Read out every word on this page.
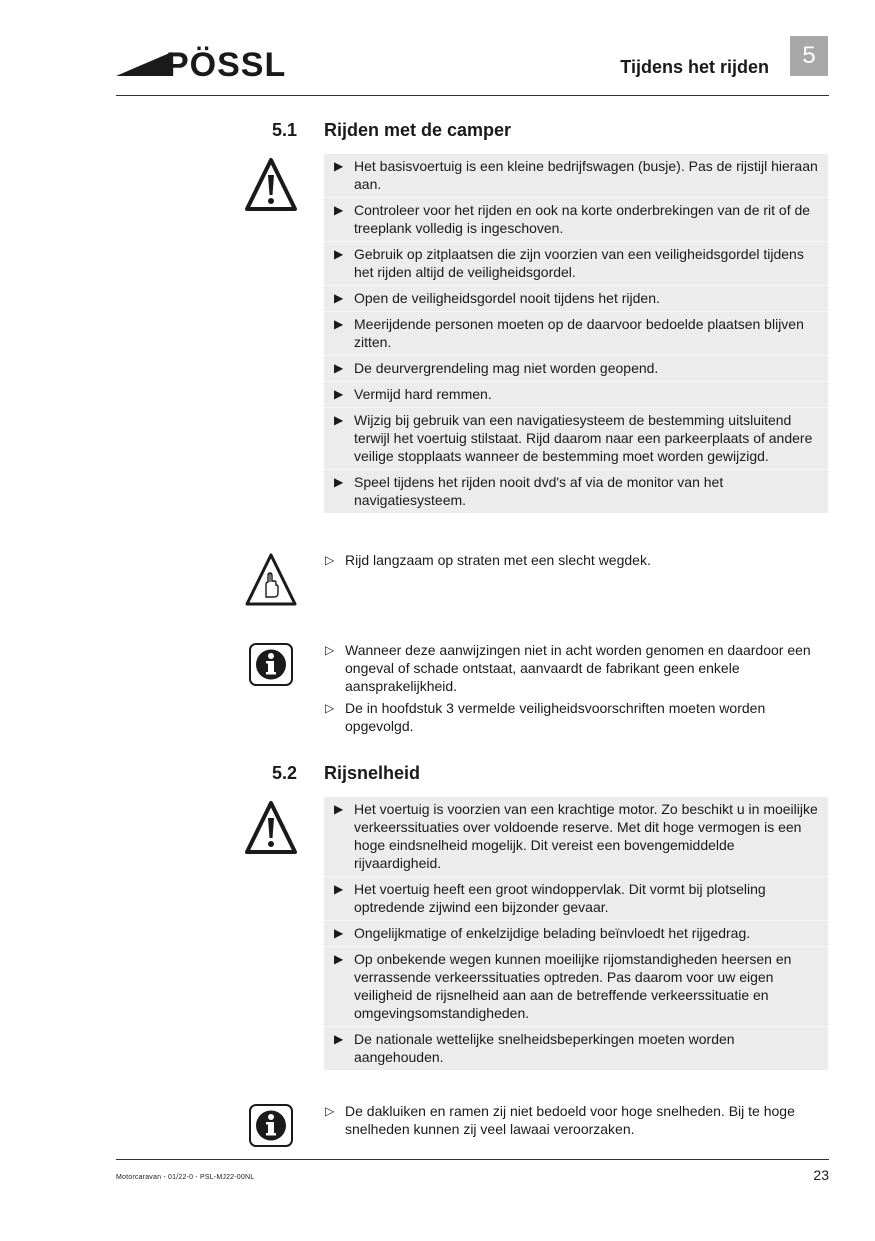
PÖSSL	Tijdens het rijden	5
5.1 Rijden met de camper
▶ Het basisvoertuig is een kleine bedrijfswagen (busje). Pas de rijstijl hieraan aan.
▶ Controleer voor het rijden en ook na korte onderbrekingen van de rit of de treeplank volledig is ingeschoven.
▶ Gebruik op zitplaatsen die zijn voorzien van een veiligheidsgordel tijdens het rijden altijd de veiligheidsgordel.
▶ Open de veiligheidsgordel nooit tijdens het rijden.
▶ Meerijdende personen moeten op de daarvoor bedoelde plaatsen blijven zitten.
▶ De deurvergrendeling mag niet worden geopend.
▶ Vermijd hard remmen.
▶ Wijzig bij gebruik van een navigatiesysteem de bestemming uitsluitend terwijl het voertuig stilstaat. Rijd daarom naar een parkeerplaats of andere veilige stopplaats wanneer de bestemming moet worden gewijzigd.
▶ Speel tijdens het rijden nooit dvd's af via de monitor van het navigatiesysteem.
▷ Rijd langzaam op straten met een slecht wegdek.
▷ Wanneer deze aanwijzingen niet in acht worden genomen en daardoor een ongeval of schade ontstaat, aanvaardt de fabrikant geen enkele aansprakelijkheid.
▷ De in hoofdstuk 3 vermelde veiligheidsvoorschriften moeten worden opgevolgd.
5.2 Rijsnelheid
▶ Het voertuig is voorzien van een krachtige motor. Zo beschikt u in moeilijke verkeerssituaties over voldoende reserve. Met dit hoge vermogen is een hoge eindsnelheid mogelijk. Dit vereist een bovengemiddelde rijvaardigheid.
▶ Het voertuig heeft een groot windoppervlak. Dit vormt bij plotseling optredende zijwind een bijzonder gevaar.
▶ Ongelijkmatige of enkelzijdige belading beïnvloedt het rijgedrag.
▶ Op onbekende wegen kunnen moeilijke rijomstandigheden heersen en verrassende verkeerssituaties optreden. Pas daarom voor uw eigen veiligheid de rijsnelheid aan aan de betreffende verkeerssituatie en omgevingsomstandigheden.
▶ De nationale wettelijke snelheidsbeperkingen moeten worden aangehouden.
▷ De dakluiken en ramen zij niet bedoeld voor hoge snelheden. Bij te hoge snelheden kunnen zij veel lawaai veroorzaken.
Motorcaravan - 01/22-0 - PSL-MJ22-00NL	23
